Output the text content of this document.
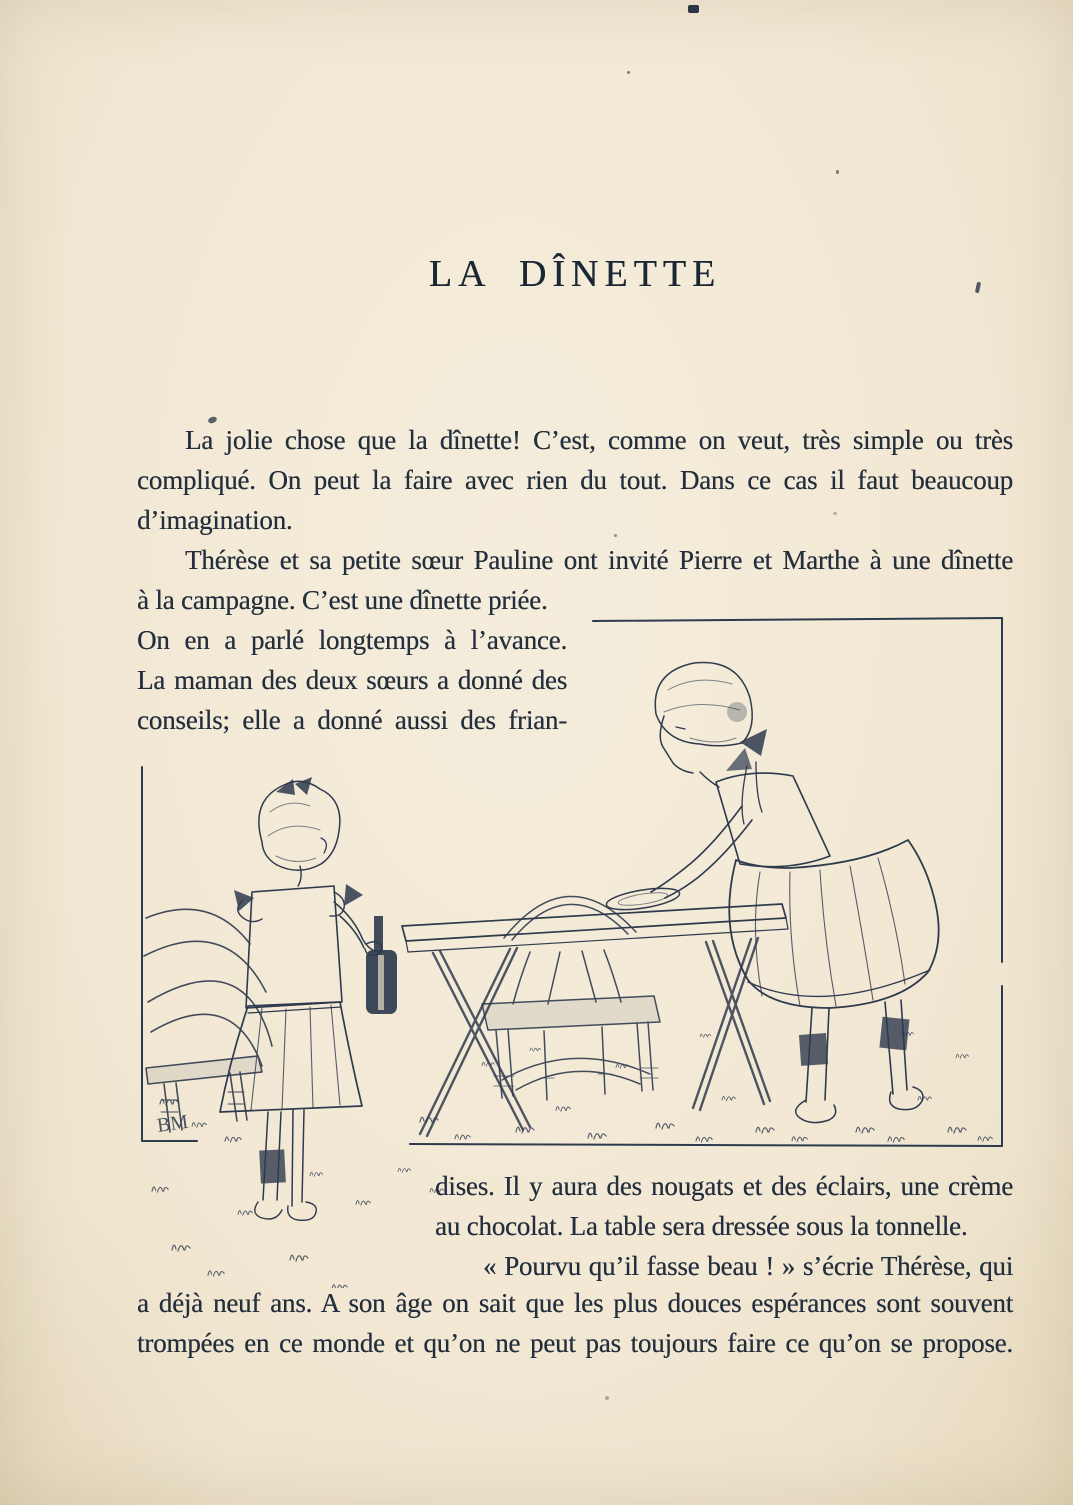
LA DÎNETTE
La jolie chose que la dînette! C’est, comme on veut, très simple ou très
compliqué. On peut la faire avec rien du tout. Dans ce cas il faut beaucoup
d’imagination.
Thérèse et sa petite sœur Pauline ont invité Pierre et Marthe à une dînette
à la campagne. C’est une dînette priée.
On en a parlé longtemps à l’avance.
La maman des deux sœurs a donné des
conseils; elle a donné aussi des frian-
BM
dises. Il y aura des nougats et des éclairs, une crème
au chocolat. La table sera dressée sous la tonnelle.
« Pourvu qu’il fasse beau ! » s’écrie Thérèse, qui
a déjà neuf ans. A son âge on sait que les plus douces espérances sont souvent
trompées en ce monde et qu’on ne peut pas toujours faire ce qu’on se propose.
